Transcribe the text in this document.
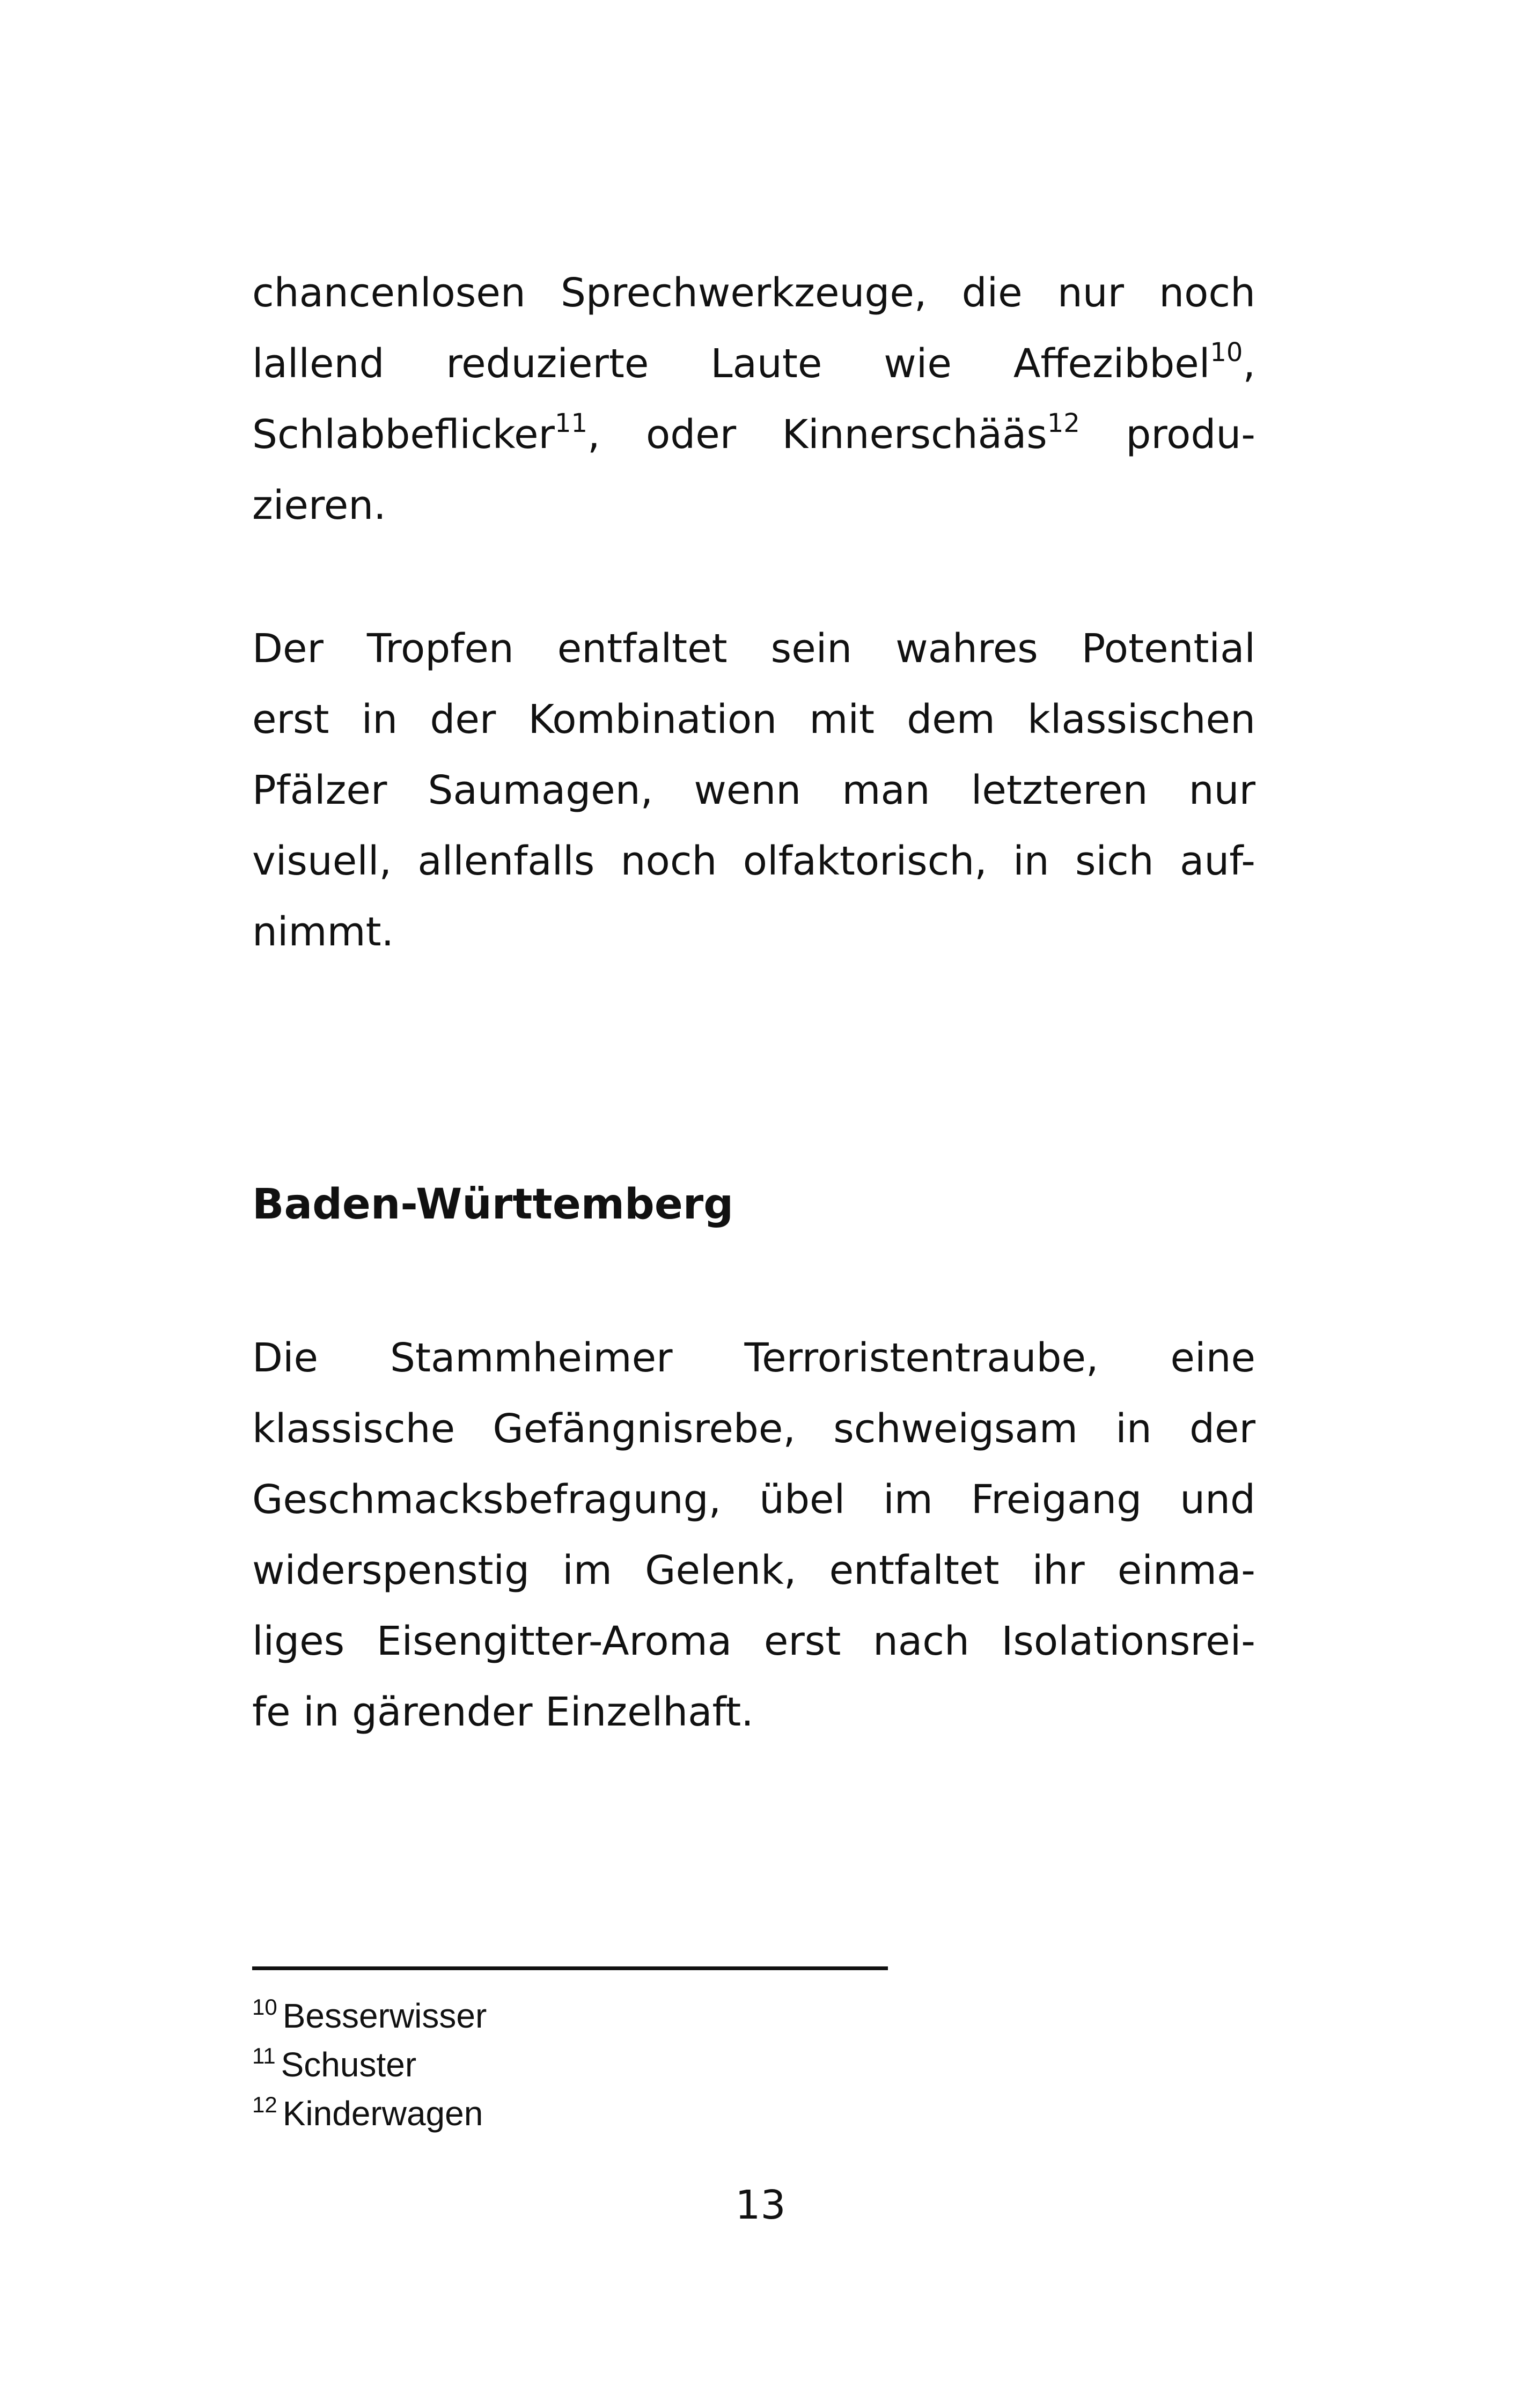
chancenlosen Sprechwerkzeuge, die nur noch
lallend reduzierte Laute wie Affezibbel$^{10}$,
Schlabbeflicker$^{11}$, oder Kinnerschääs$^{12}$ produ-
zieren.
Der Tropfen entfaltet sein wahres Potential
erst in der Kombination mit dem klassischen
Pfälzer Saumagen, wenn man letzteren nur
visuell, allenfalls noch olfaktorisch, in sich auf-
nimmt.
Baden-Württemberg
Die Stammheimer Terroristentraube, eine
klassische Gefängnisrebe, schweigsam in der
Geschmacksbefragung, übel im Freigang und
widerspenstig im Gelenk, entfaltet ihr einma-
liges Eisengitter-Aroma erst nach Isolationsrei-
fe in gärender Einzelhaft.
$^{10}$ Besserwisser
$^{11}$ Schuster
$^{12}$ Kinderwagen
13
